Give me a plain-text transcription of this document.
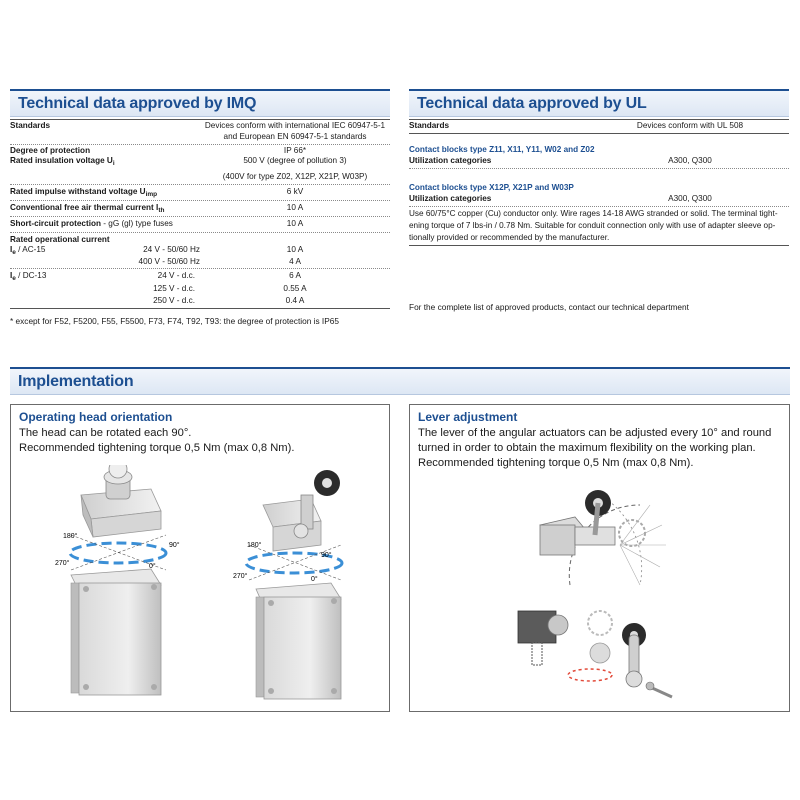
Technical data approved by IMQ
Standards	Devices conform with international IEC 60947-5-1
and European EN 60947-5-1 standards
Degree of protection	IP 66*
Rated insulation voltage $U_i$	500 V (degree of pollution 3)
(400V for type Z02, X12P, X21P, W03P)
Rated impulse withstand voltage $U_{imp}$	6 kV
Conventional free air thermal current $I_{th}$	10 A
Short-circuit protection - gG (gl) type fuses	10 A
Rated operational current
$I_e / AC-15$	24 V - 50/60 Hz	10 A
400 V - 50/60 Hz	4 A
$I_e / DC-13$	24 V - d.c.	6 A
125 V - d.c.	0.55 A
250 V - d.c.	0.4 A
* except for F52, F5200, F55, F5500, F73, F74, T92, T93: the degree of protection is IP65
Technical data approved by UL
Standards	Devices conform with UL 508
Contact blocks type Z11, X11, Y11, W02 and Z02
Utilization categories	A300, Q300
Contact blocks type X12P, X21P and W03P
Utilization categories	A300, Q300
Use 60/75°C copper (Cu) conductor only. Wire rages 14-18 AWG stranded or solid. The terminal tight-
ening torque of 7 lbs-in / 0.78 Nm. Suitable for conduit connection only with use of adapter sleeve op-
tionally provided or recommended by the manufacturer.
For the complete list of approved products, contact our technical department
Implementation
Operating head orientation
The head can be rotated each 90°.
Recommended tightening torque 0,5 Nm (max 0,8 Nm).
180°
90°
270°	0°
180°
90°
270°	0°
Lever adjustment
The lever of the angular actuators can be adjusted every 10° and round
turned in order to obtain the maximum flexibility on the working plan.
Recommended tightening torque 0,5 Nm (max 0,8 Nm).
